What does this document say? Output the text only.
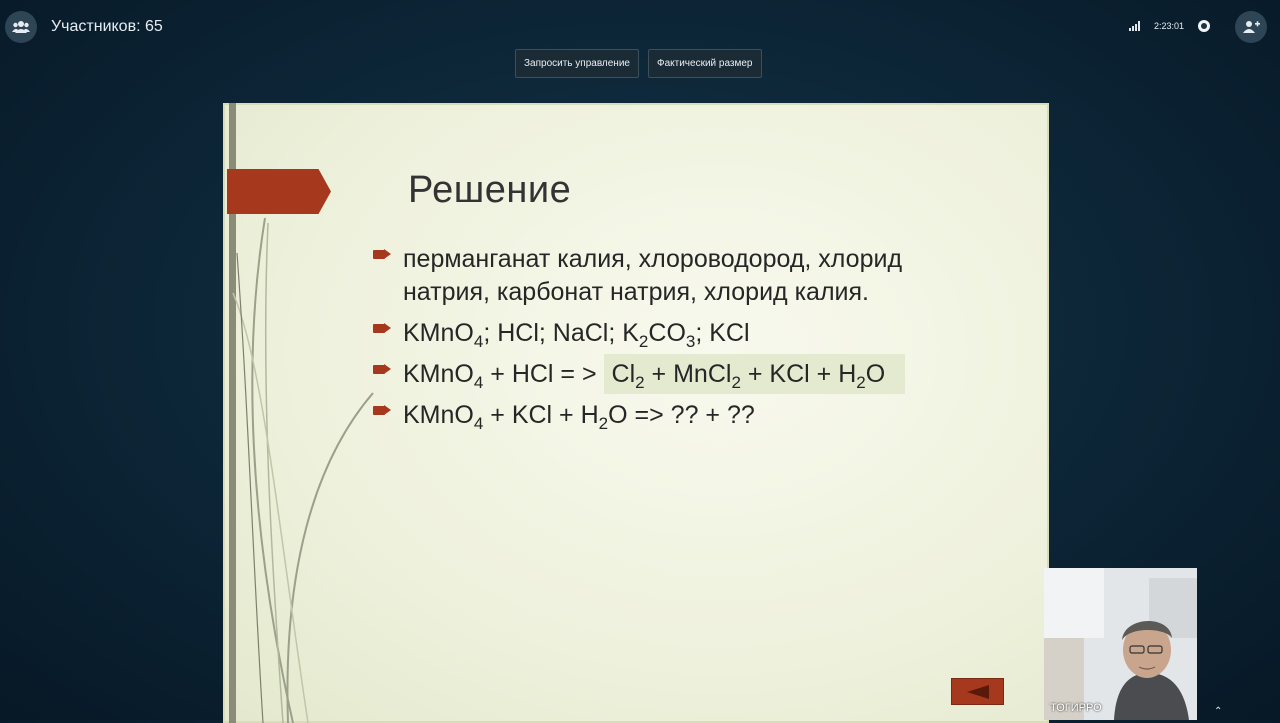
Участников: 65	2:23:01
Запросить управление	Фактический размер
Решение
перманганат калия, хлороводород, хлорид натрия, карбонат натрия, хлорид калия.
KMnO$_4$; HCl; NaCl; $K_2CO_3$; KCl
KMnO$_4$ + HCl = > $Cl_2$ + MnCl$_2$ + KCl + $H_2O$
KMnO$_4$ + KCl + $H_2O$ => ?? + ??
ТОГИРРО	⌃
